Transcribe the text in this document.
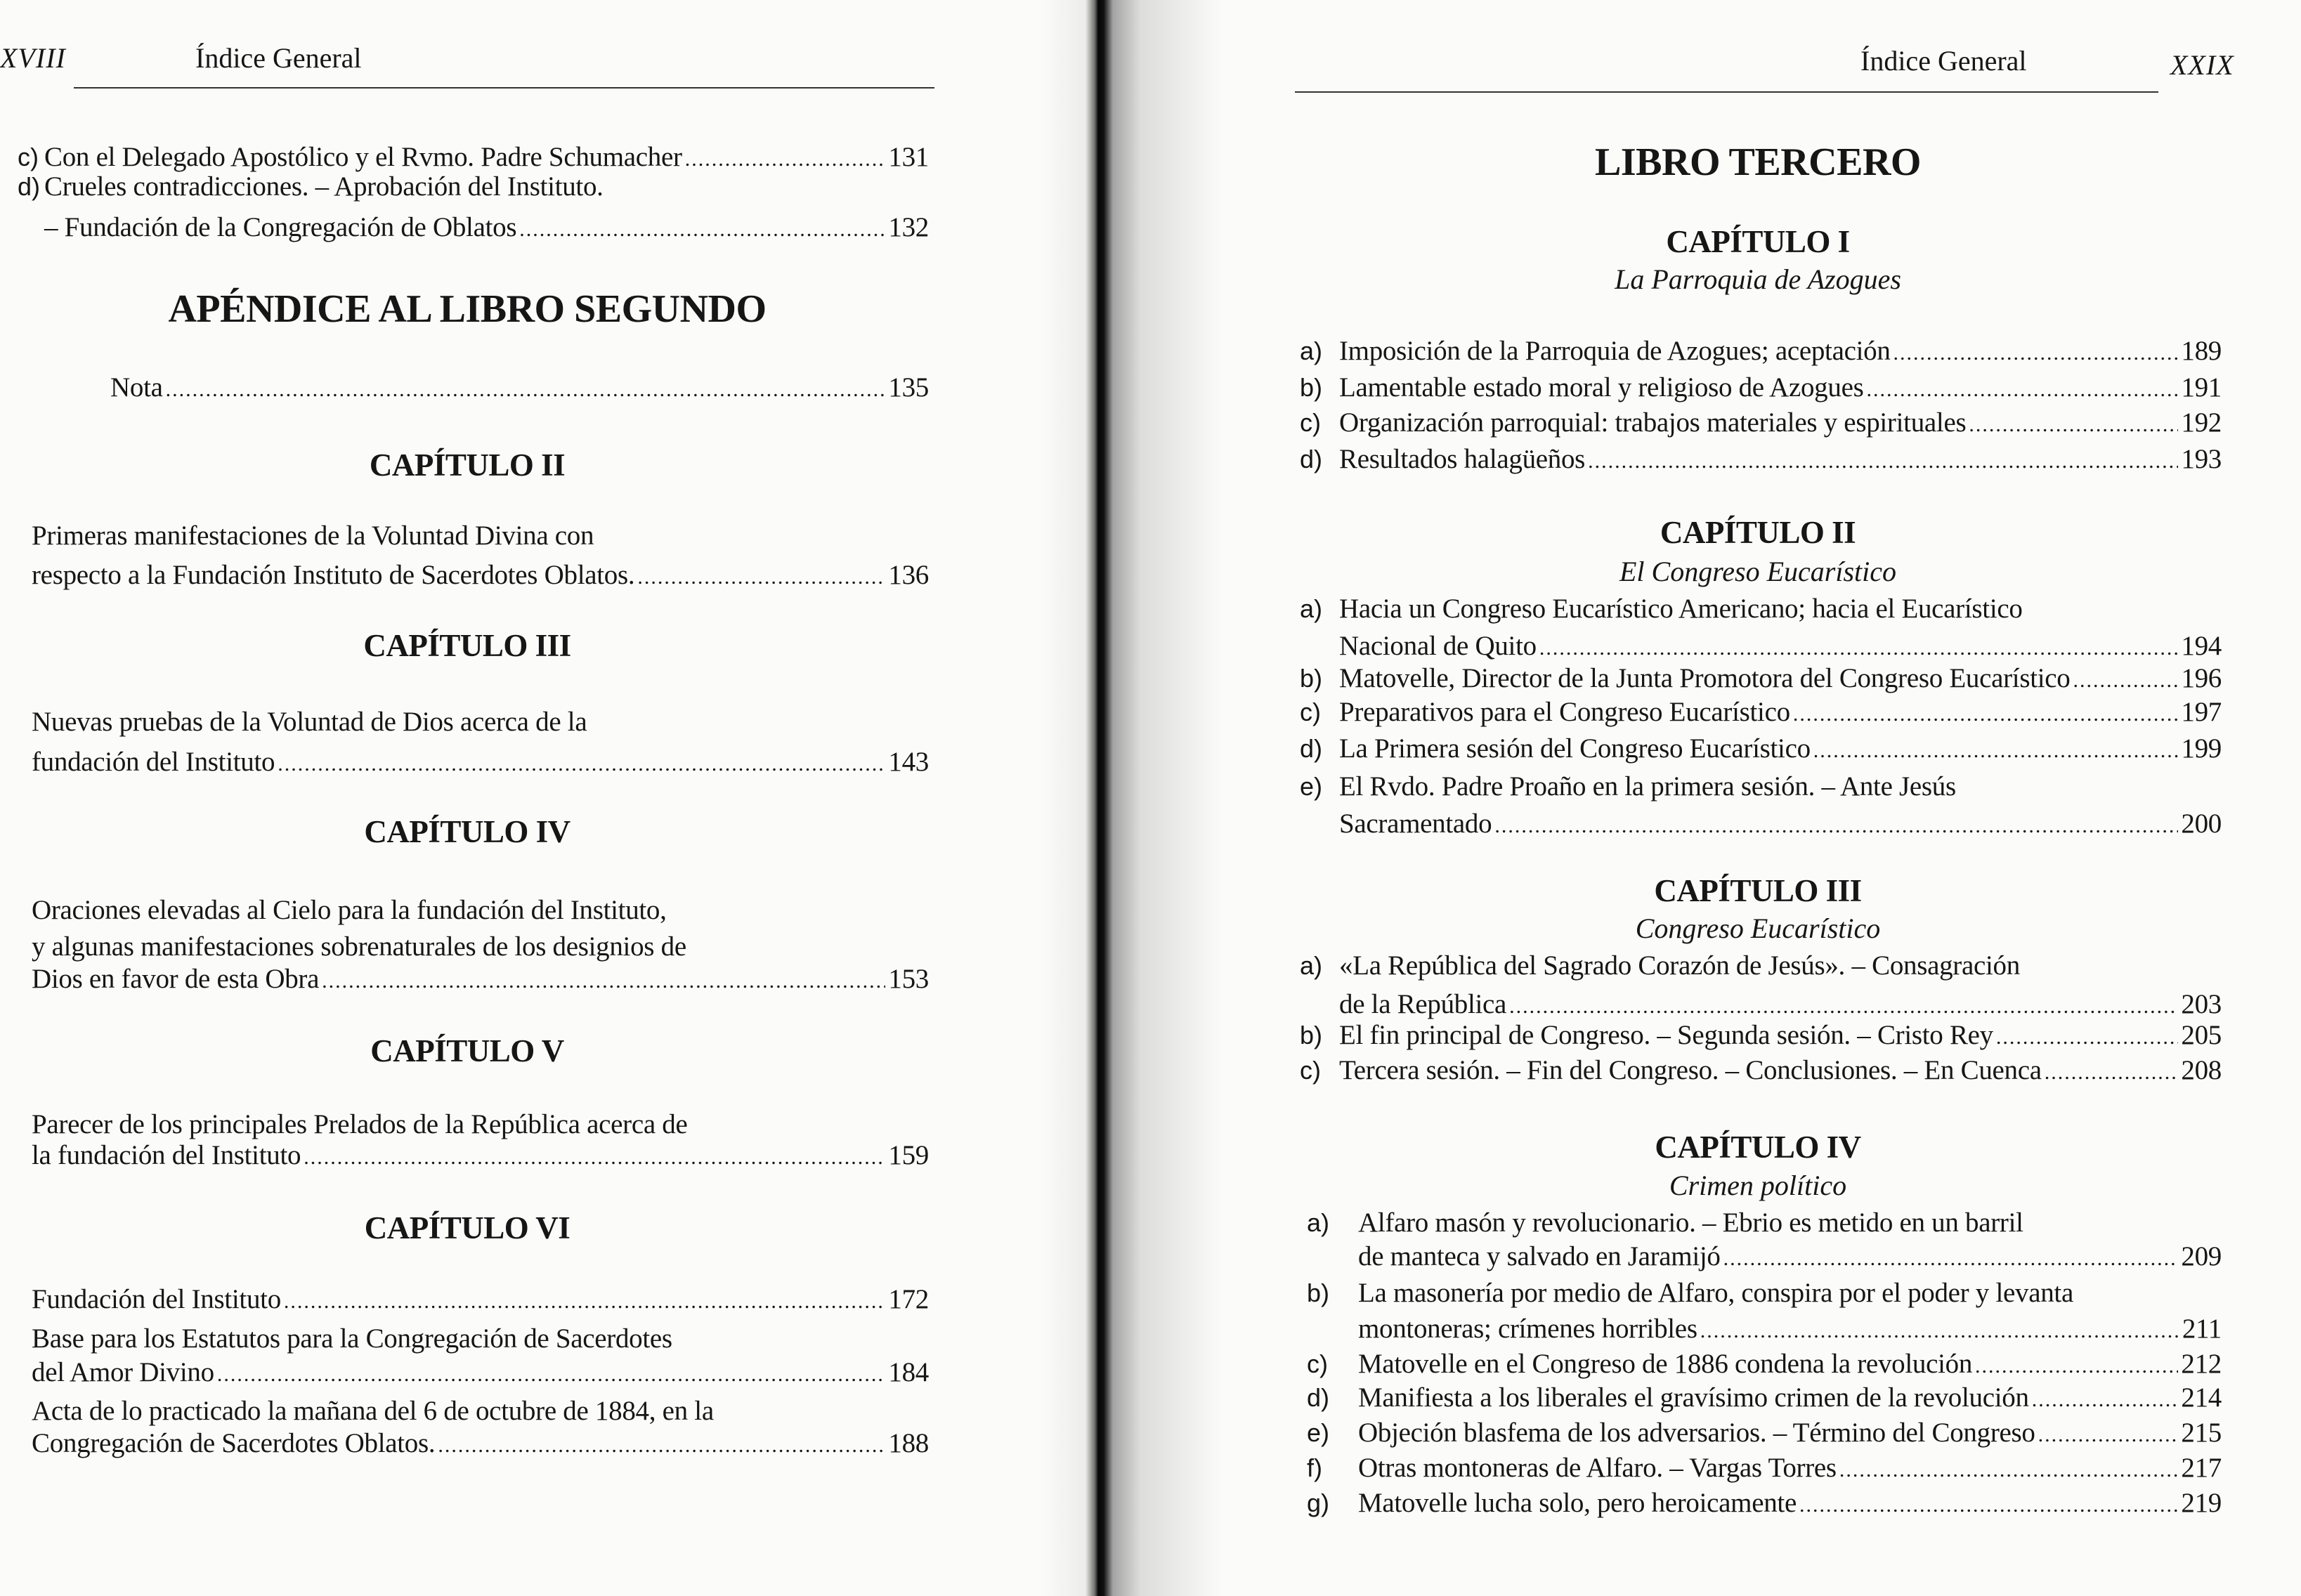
XVIII	Índice General
c) Con el Delegado Apostólico y el Rvmo. Padre Schumacher .....	131
d) Crueles contradicciones. – Aprobación del Instituto.
– Fundación de la Congregación de Oblatos .....	132
APÉNDICE AL LIBRO SEGUNDO
Nota .....	135
CAPÍTULO II
Primeras manifestaciones de la Voluntad Divina con
respecto a la Fundación Instituto de Sacerdotes Oblatos. .....	136
CAPÍTULO III
Nuevas pruebas de la Voluntad de Dios acerca de la
fundación del Instituto .....	143
CAPÍTULO IV
Oraciones elevadas al Cielo para la fundación del Instituto,
y algunas manifestaciones sobrenaturales de los designios de
Dios en favor de esta Obra .....	153
CAPÍTULO V
Parecer de los principales Prelados de la República acerca de
la fundación del Instituto .....	159
CAPÍTULO VI
Fundación del Instituto .....	172
Base para los Estatutos para la Congregación de Sacerdotes
del Amor Divino .....	184
Acta de lo practicado la mañana del 6 de octubre de 1884, en la
Congregación de Sacerdotes Oblatos. .....	188
Índice General	XXIX
LIBRO TERCERO
CAPÍTULO I
La Parroquia de Azogues
a) Imposición de la Parroquia de Azogues; aceptación .....	189
b) Lamentable estado moral y religioso de Azogues .....	191
c) Organización parroquial: trabajos materiales y espirituales .....	192
d) Resultados halagüeños .....	193
CAPÍTULO II
El Congreso Eucarístico
a) Hacia un Congreso Eucarístico Americano; hacia el Eucarístico
Nacional de Quito .....	194
b) Matovelle, Director de la Junta Promotora del Congreso Eucarístico .....	196
c) Preparativos para el Congreso Eucarístico .....	197
d) La Primera sesión del Congreso Eucarístico .....	199
e) El Rvdo. Padre Proaño en la primera sesión. – Ante Jesús
Sacramentado .....	200
CAPÍTULO III
Congreso Eucarístico
a) «La República del Sagrado Corazón de Jesús». – Consagración
de la República .....	203
b) El fin principal de Congreso. – Segunda sesión. – Cristo Rey .....	205
c) Tercera sesión. – Fin del Congreso. – Conclusiones. – En Cuenca .....	208
CAPÍTULO IV
Crimen político
a) Alfaro masón y revolucionario. – Ebrio es metido en un barril
de manteca y salvado en Jaramijó .....	209
b) La masonería por medio de Alfaro, conspira por el poder y levanta
montoneras; crímenes horribles .....	211
c) Matovelle en el Congreso de 1886 condena la revolución .....	212
d) Manifiesta a los liberales el gravísimo crimen de la revolución .....	214
e) Objeción blasfema de los adversarios. – Término del Congreso .....	215
f) Otras montoneras de Alfaro. – Vargas Torres .....	217
g) Matovelle lucha solo, pero heroicamente .....	219
